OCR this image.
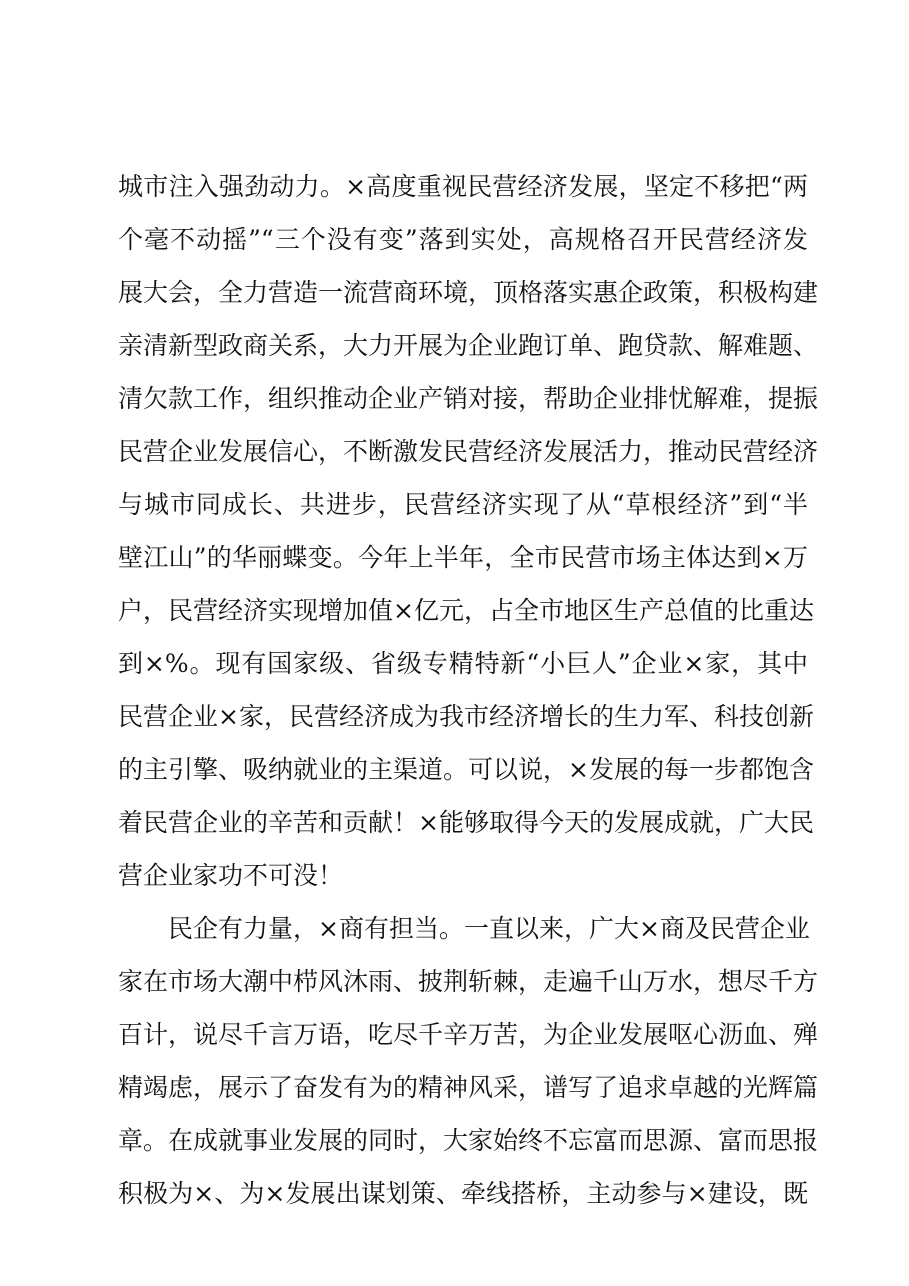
城市注入强劲动力。×高度重视民营经济发展，坚定不移把“两
个毫不动摇”“三个没有变”落到实处，高规格召开民营经济发
展大会，全力营造一流营商环境，顶格落实惠企政策，积极构建
亲清新型政商关系，大力开展为企业跑订单、跑贷款、解难题、
清欠款工作，组织推动企业产销对接，帮助企业排忧解难，提振
民营企业发展信心，不断激发民营经济发展活力，推动民营经济
与城市同成长、共进步，民营经济实现了从“草根经济”到“半
壁江山”的华丽蝶变。今年上半年，全市民营市场主体达到×万
户，民营经济实现增加值×亿元，占全市地区生产总值的比重达
到×%。现有国家级、省级专精特新“小巨人”企业×家，其中
民营企业×家，民营经济成为我市经济增长的生力军、科技创新
的主引擎、吸纳就业的主渠道。可以说，×发展的每一步都饱含
着民营企业的辛苦和贡献！×能够取得今天的发展成就，广大民
营企业家功不可没！
民企有力量，×商有担当。一直以来，广大×商及民营企业
家在市场大潮中栉风沐雨、披荆斩棘，走遍千山万水，想尽千方
百计，说尽千言万语，吃尽千辛万苦，为企业发展呕心沥血、殚
精竭虑，展示了奋发有为的精神风采，谱写了追求卓越的光辉篇
章。在成就事业发展的同时，大家始终不忘富而思源、富而思报
积极为×、为×发展出谋划策、牵线搭桥，主动参与×建设，既
